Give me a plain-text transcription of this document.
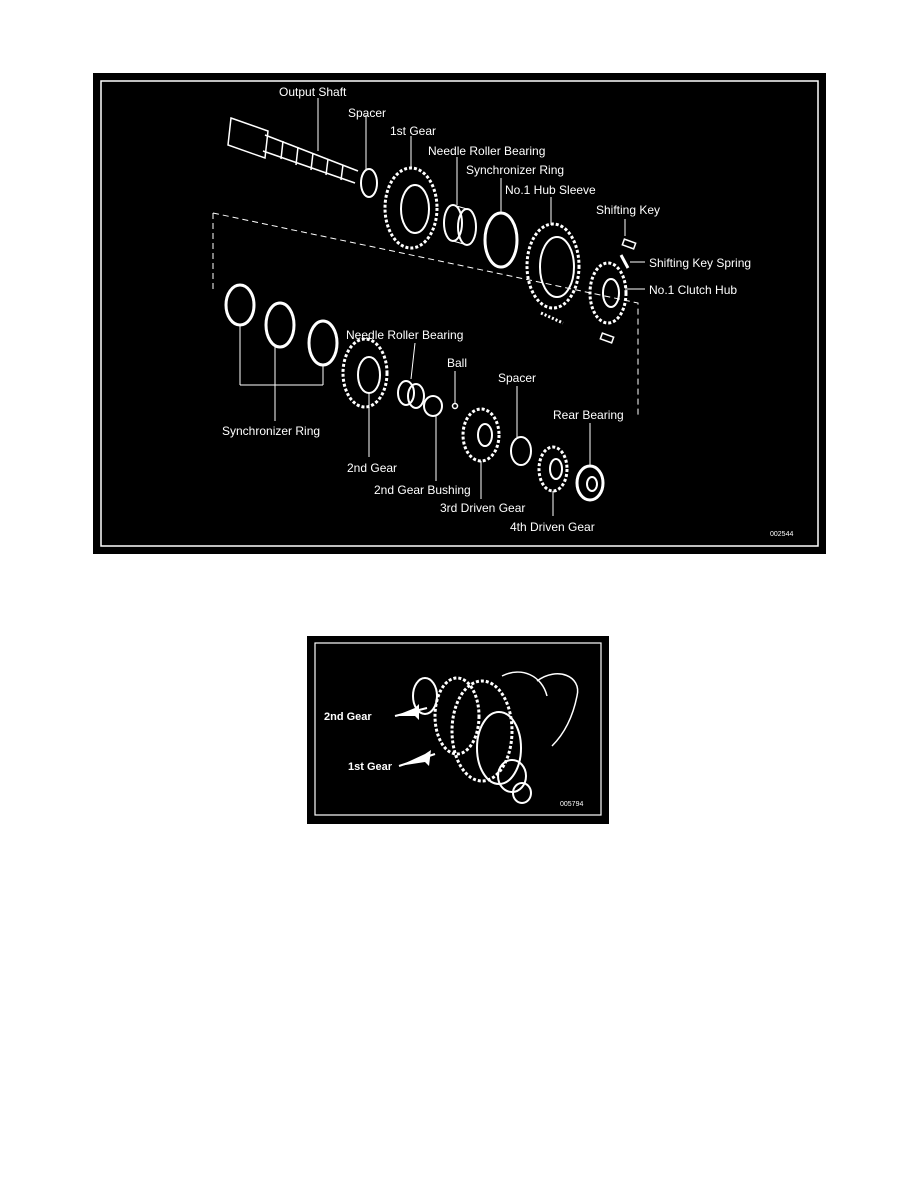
Output Shaft
Spacer
1st Gear
Needle Roller Bearing
Synchronizer Ring
No.1 Hub Sleeve
Shifting Key
Shifting Key Spring
No.1 Clutch Hub
Needle Roller Bearing
Ball
Spacer
Rear Bearing
Synchronizer Ring
2nd Gear
2nd Gear Bushing
3rd Driven Gear
4th Driven Gear
002544
2nd Gear
1st Gear
005794
